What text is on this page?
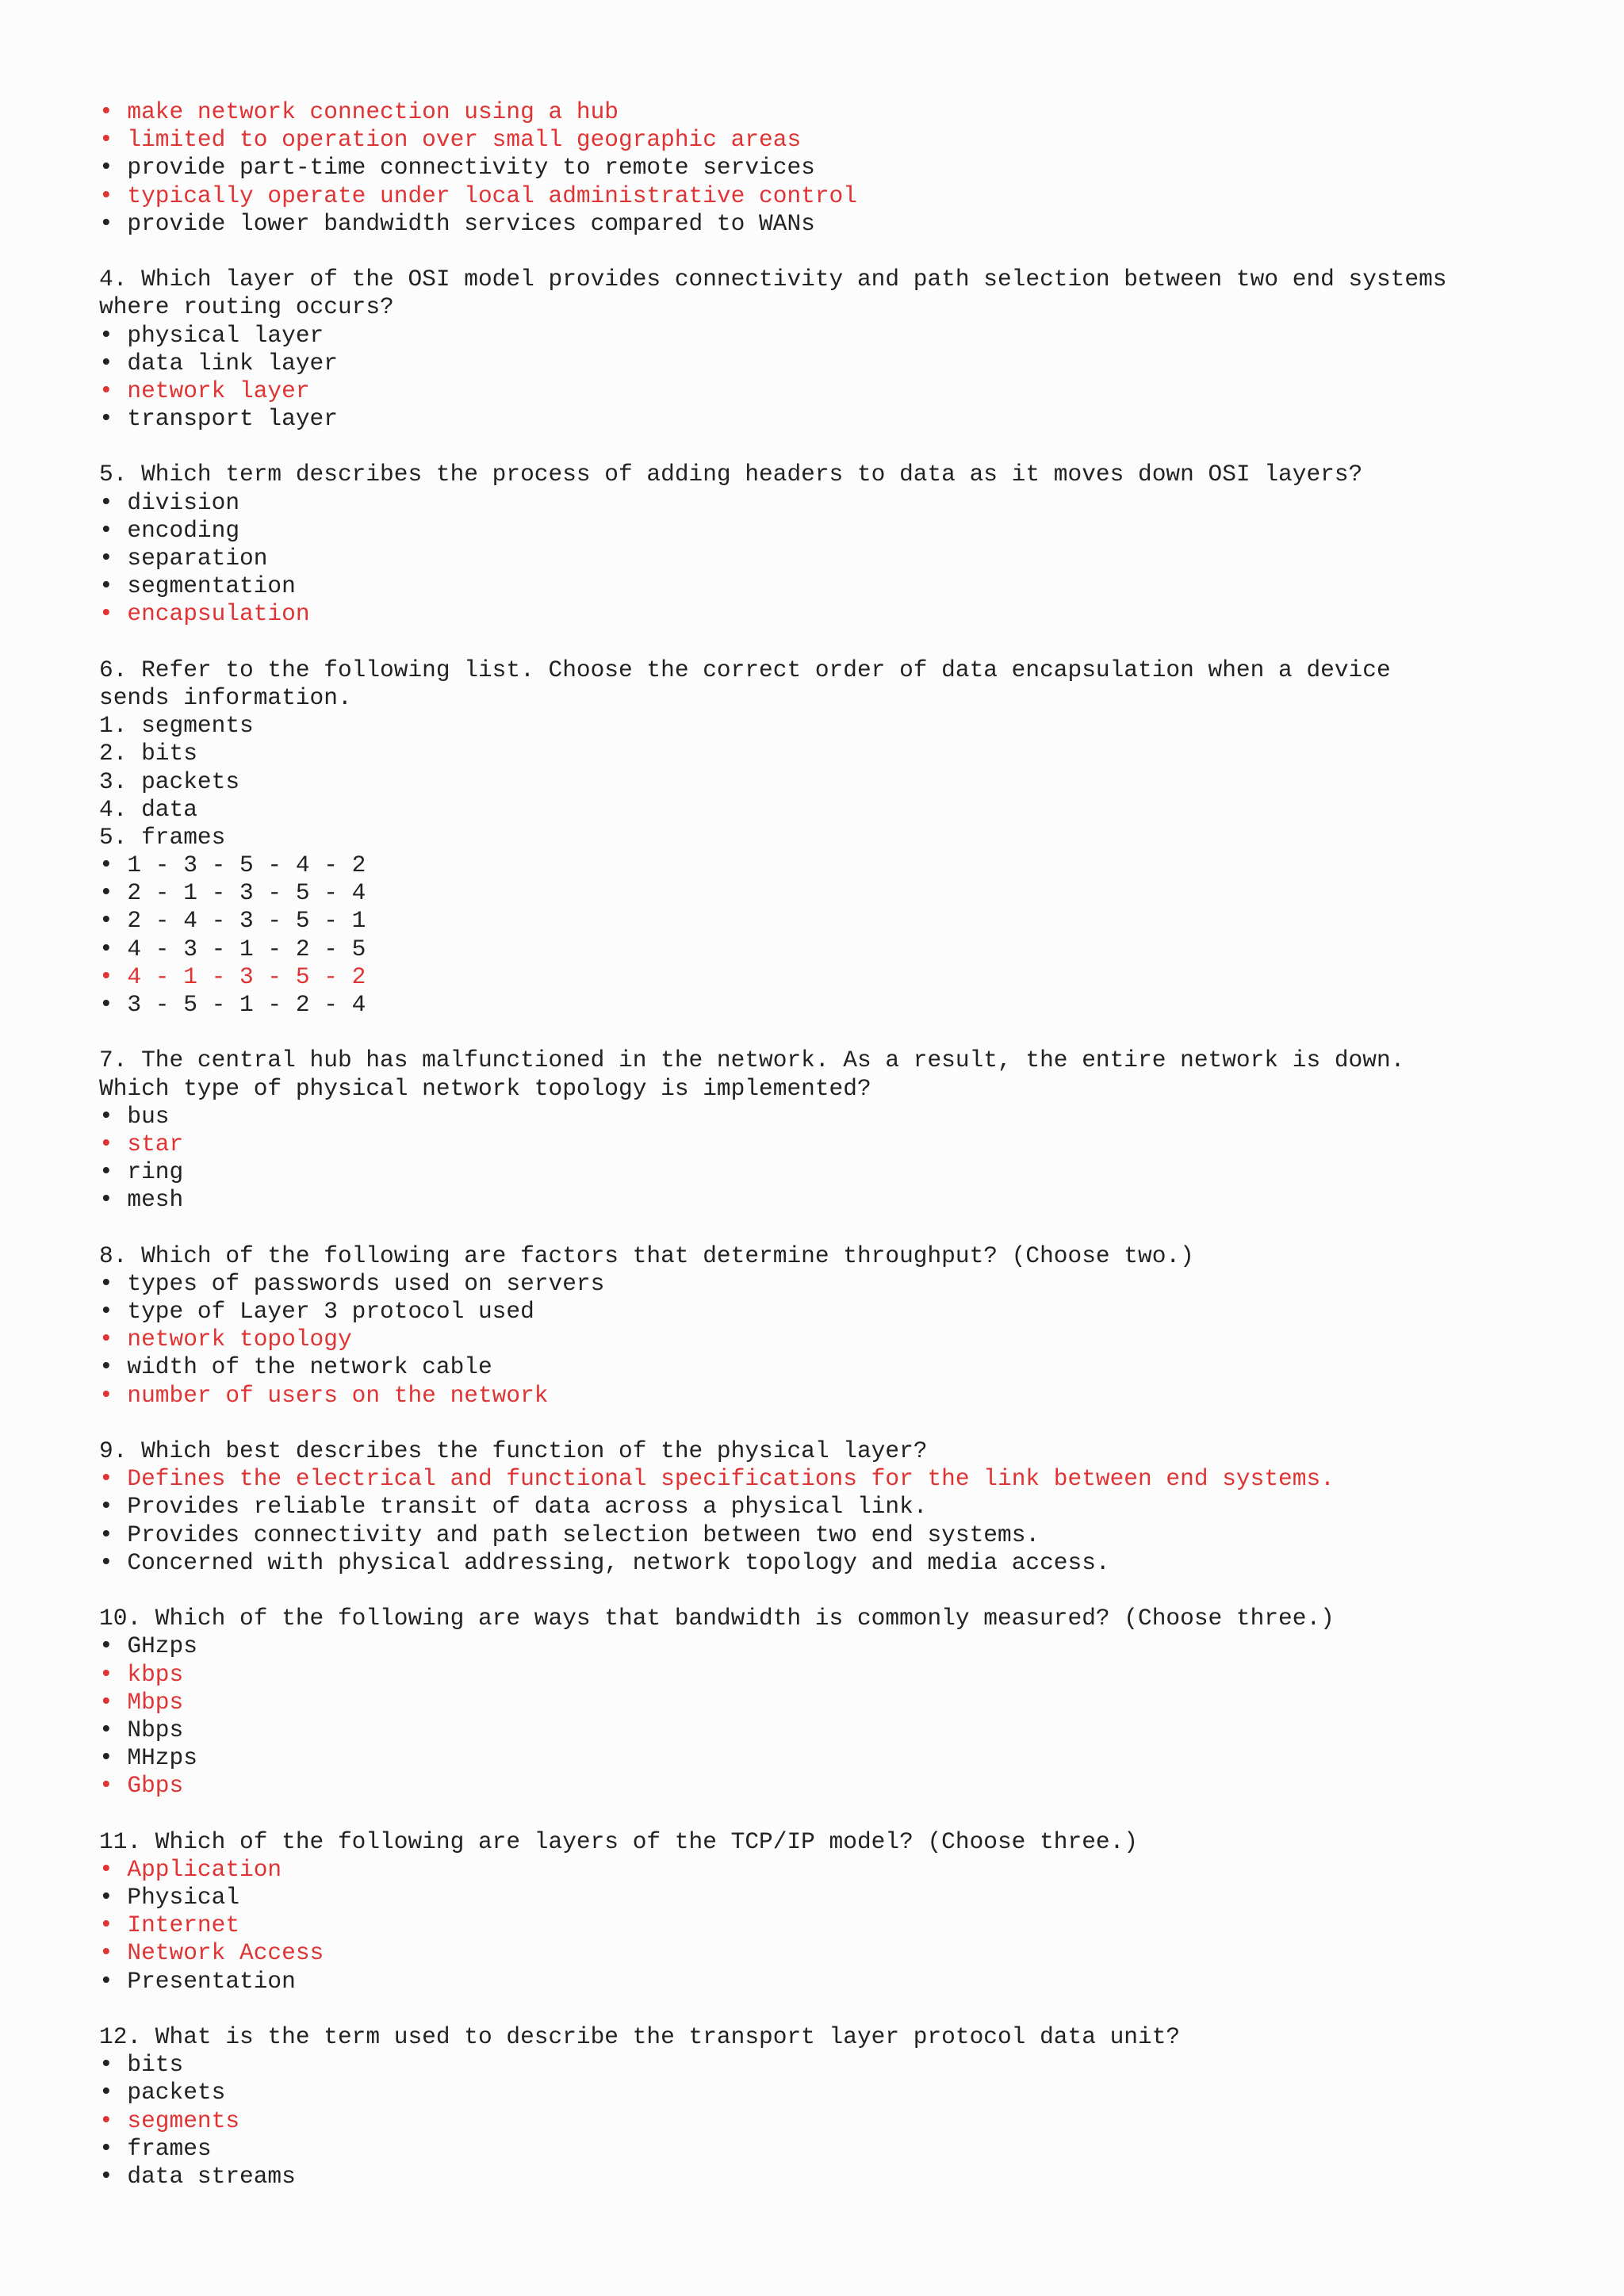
• make network connection using a hub
• limited to operation over small geographic areas
• provide part-time connectivity to remote services
• typically operate under local administrative control
• provide lower bandwidth services compared to WANs
4. Which layer of the OSI model provides connectivity and path selection between two end systems
where routing occurs?
• physical layer
• data link layer
• network layer
• transport layer
5. Which term describes the process of adding headers to data as it moves down OSI layers?
• division
• encoding
• separation
• segmentation
• encapsulation
6. Refer to the following list. Choose the correct order of data encapsulation when a device
sends information.
1. segments
2. bits
3. packets
4. data
5. frames
• 1 - 3 - 5 - 4 - 2
• 2 - 1 - 3 - 5 - 4
• 2 - 4 - 3 - 5 - 1
• 4 - 3 - 1 - 2 - 5
• 4 - 1 - 3 - 5 - 2
• 3 - 5 - 1 - 2 - 4
7. The central hub has malfunctioned in the network. As a result, the entire network is down.
Which type of physical network topology is implemented?
• bus
• star
• ring
• mesh
8. Which of the following are factors that determine throughput? (Choose two.)
• types of passwords used on servers
• type of Layer 3 protocol used
• network topology
• width of the network cable
• number of users on the network
9. Which best describes the function of the physical layer?
• Defines the electrical and functional specifications for the link between end systems.
• Provides reliable transit of data across a physical link.
• Provides connectivity and path selection between two end systems.
• Concerned with physical addressing, network topology and media access.
10. Which of the following are ways that bandwidth is commonly measured? (Choose three.)
• GHzps
• kbps
• Mbps
• Nbps
• MHzps
• Gbps
11. Which of the following are layers of the TCP/IP model? (Choose three.)
• Application
• Physical
• Internet
• Network Access
• Presentation
12. What is the term used to describe the transport layer protocol data unit?
• bits
• packets
• segments
• frames
• data streams
